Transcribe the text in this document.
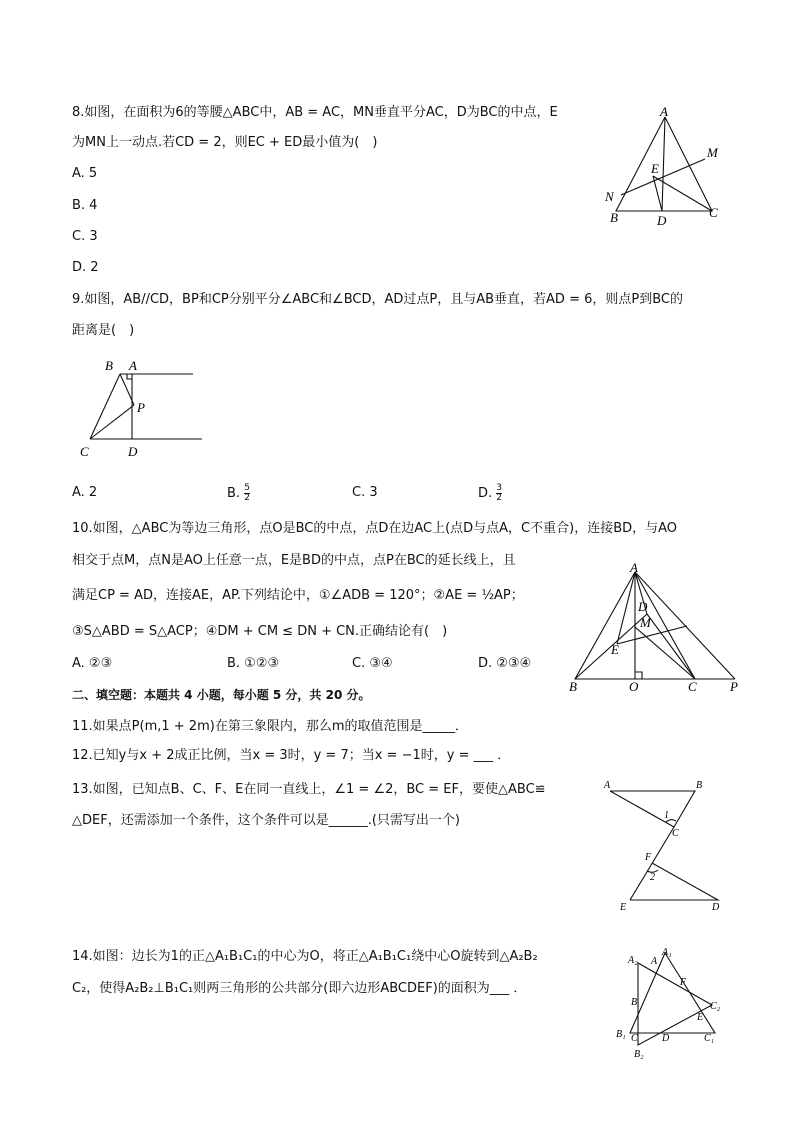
8.如图，在面积为6的等腰△ABC中，AB = AC，MN垂直平分AC，D为BC的中点，E
为MN上一动点.若CD = 2，则EC + ED最小值为(　)
A. 5
B. 4
C. 3
D. 2
A
M
E
N
B	D
C
9.如图，AB//CD，BP和CP分别平分∠ABC和∠BCD，AD过点P，且与AB垂直，若AD = 6，则点P到BC的
距离是(　)
B A
P
C	D
A. 2	B. $\frac{5}{2}$	C. 3	D. $\frac{3}{2}$
10.如图，△ABC为等边三角形，点O是BC的中点，点D在边AC上(点D与点A，C不重合)，连接BD，与AO
相交于点M，点N是AO上任意一点，E是BD的中点，点P在BC的延长线上，且
满足CP = AD，连接AE，AP.下列结论中，①∠ADB = 120°；②AE = ½AP；
③S△ABD = S△ACP；④DM + CM ≤ DN + CN.正确结论有(　)
A. ②③	B. ①②③	C. ③④	D. ②③④
A
D
M
E
B	O	C	P
二、填空题：本题共 4 小题，每小题 5 分，共 20 分。
11.如果点P(m,1 + 2m)在第三象限内，那么m的取值范围是_____．
12.已知y与x + 2成正比例，当x = 3时，y = 7；当x = −1时，y = ___ ．
13.如图，已知点B、C、F、E在同一直线上，∠1 = ∠2，BC = EF，要使△ABC≌
△DEF，还需添加一个条件，这个条件可以是______.(只需写出一个)
A	B
1
C
F
2
E	D
14.如图：边长为1的正△A₁B₁C₁的中心为O，将正△A₁B₁C₁绕中心O旋转到△A₂B₂
C₂，使得A₂B₂⊥B₁C₁则两三角形的公共部分(即六边形ABCDEF)的面积为___ ．
A₂ A
A₁
F
B	C₂
E
B₁ C D	C₁
B₂
